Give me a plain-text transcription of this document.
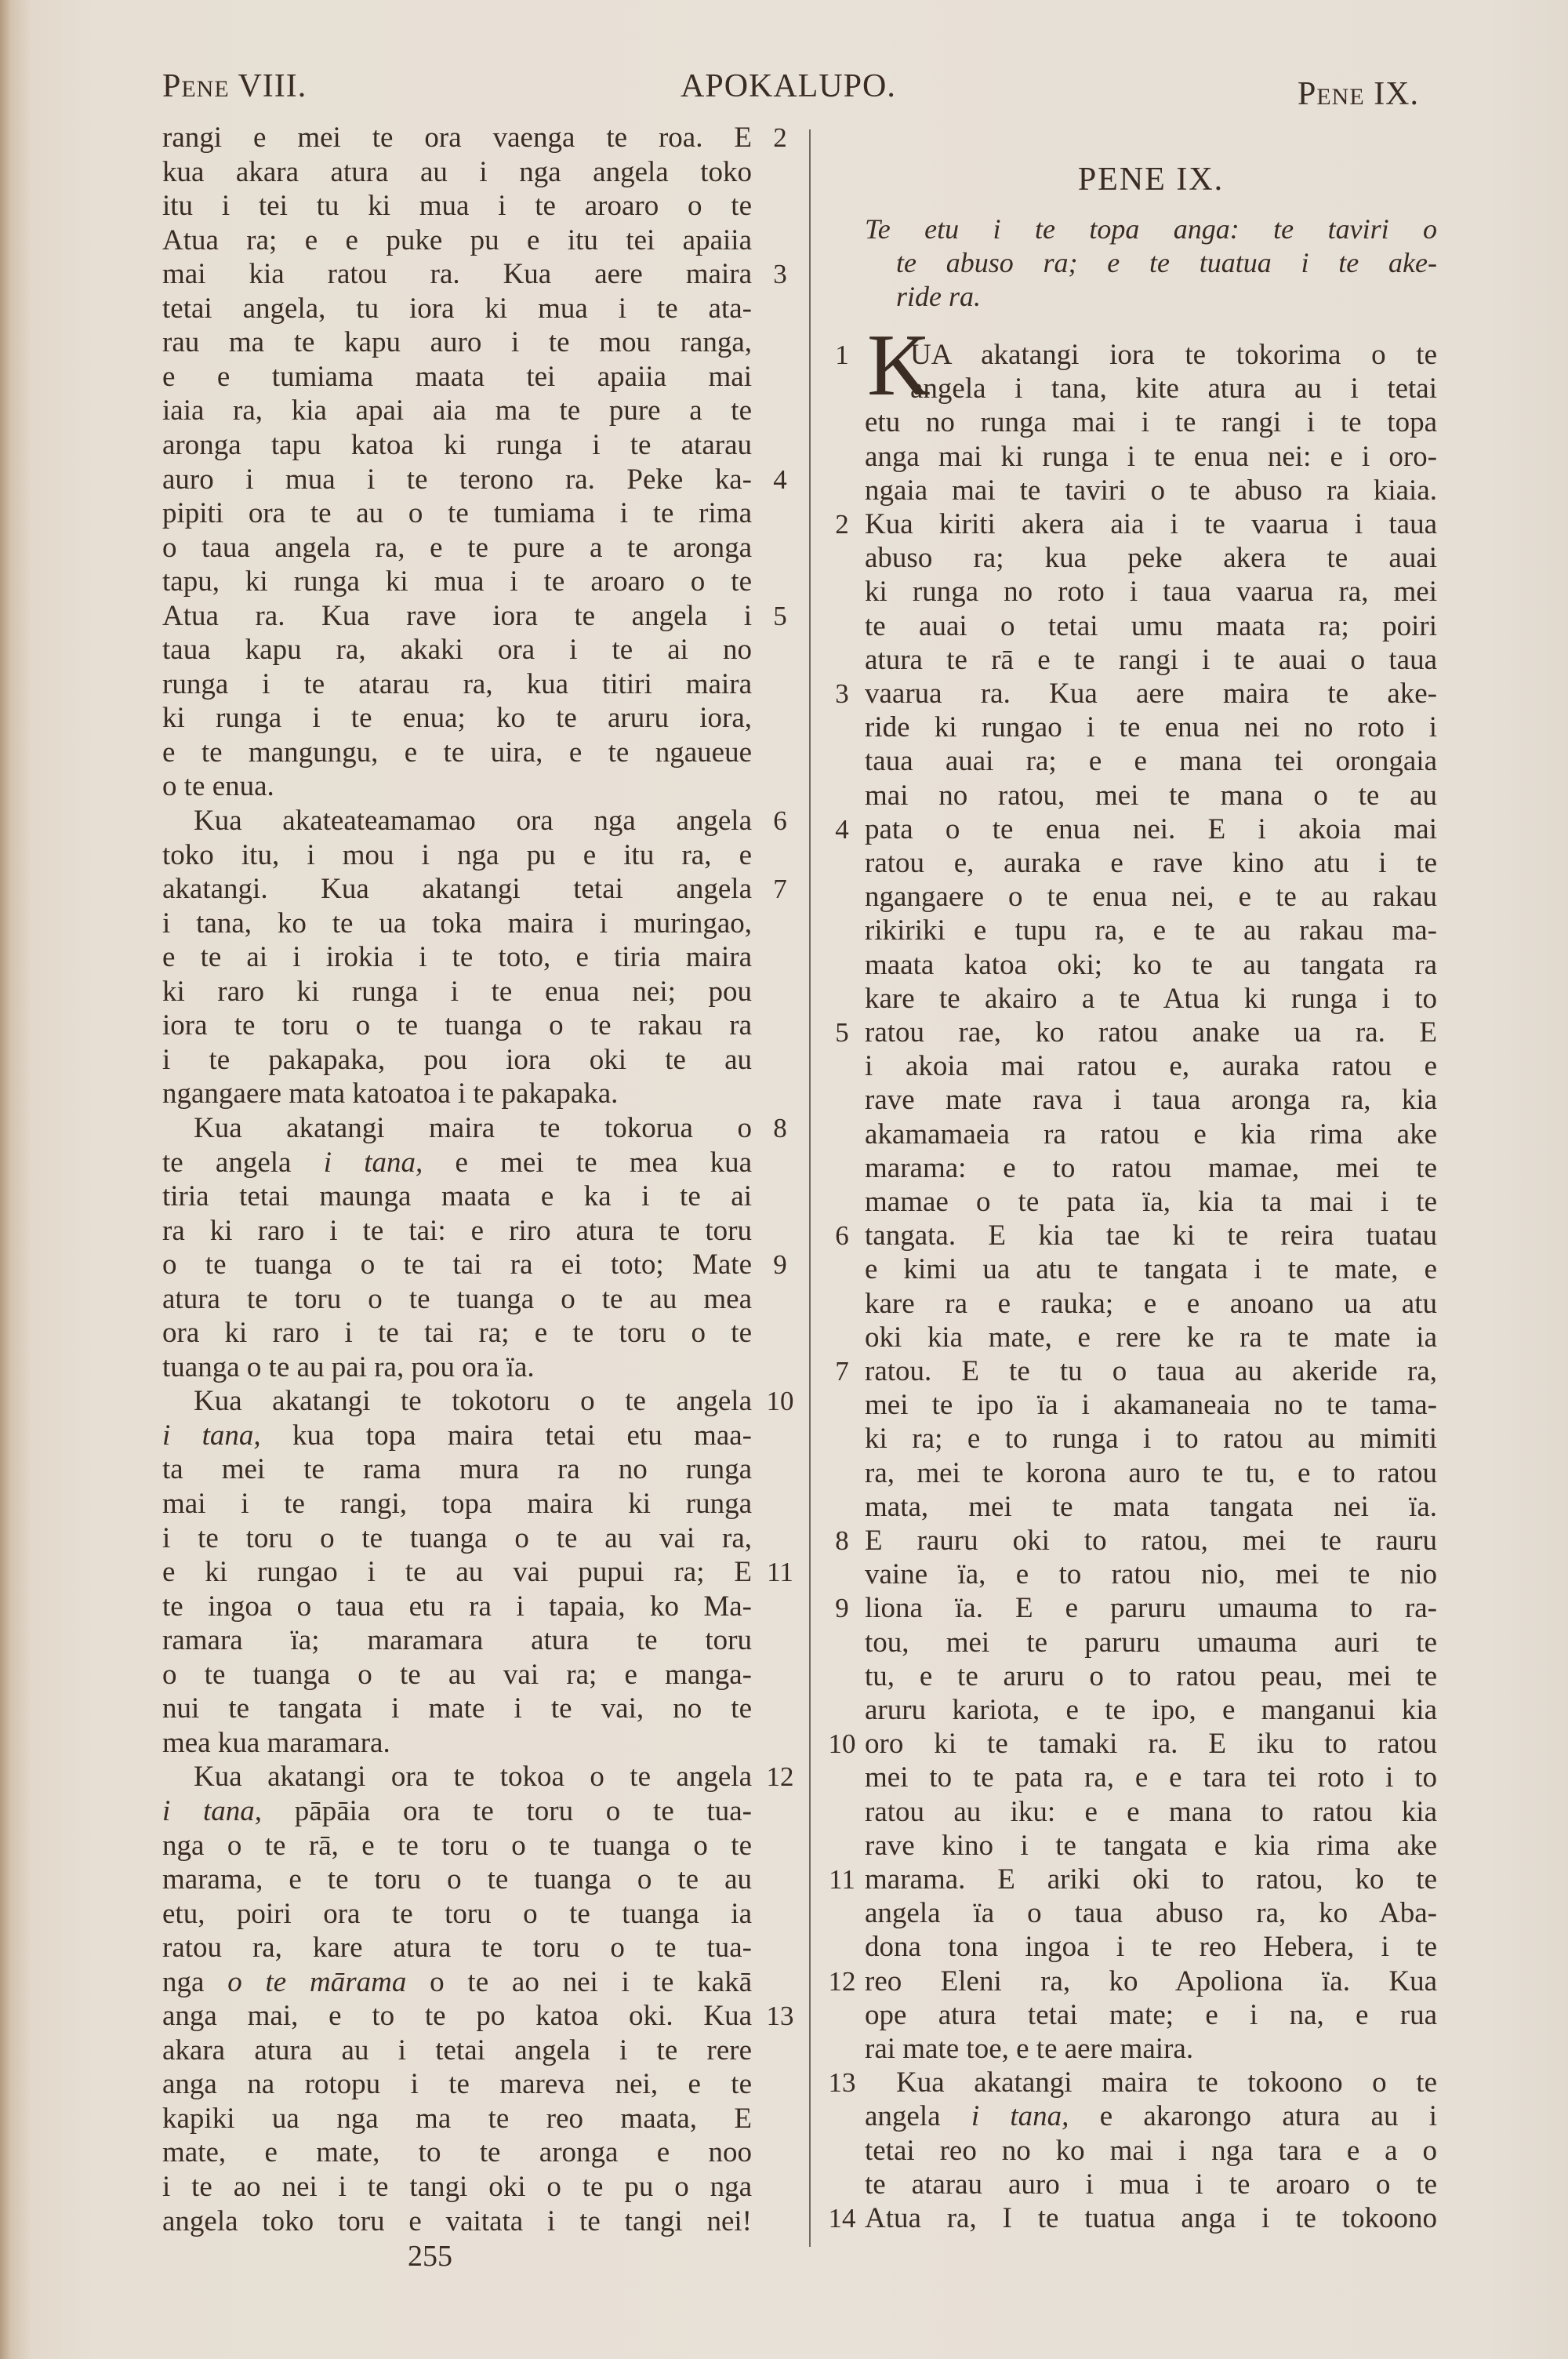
PENE VIII.	APOKALUPO.	PENE IX.
rangi e mei te ora vaenga te roa. E 2
kua akara atura au i nga angela toko
itu i tei tu ki mua i te aroaro o te
Atua ra; e e puke pu e itu tei apaiia
mai kia ratou ra. Kua aere maira 3
tetai angela, tu iora ki mua i te ata-
rau ma te kapu auro i te mou ranga,
e e tumiama maata tei apaiia mai
iaia ra, kia apai aia ma te pure a te
aronga tapu katoa ki runga i te atarau
auro i mua i te terono ra. Peke ka- 4
pipiti ora te au o te tumiama i te rima
o taua angela ra, e te pure a te aronga
tapu, ki runga ki mua i te aroaro o te
Atua ra. Kua rave iora te angela i 5
taua kapu ra, akaki ora i te ai no
runga i te atarau ra, kua titiri maira
ki runga i te enua; ko te aruru iora,
e te mangungu, e te uira, e te ngaueue
o te enua.
Kua akateateamamao ora nga angela 6
toko itu, i mou i nga pu e itu ra, e
akatangi. Kua akatangi tetai angela 7
i tana, ko te ua toka maira i muringao,
e te ai i irokia i te toto, e tiria maira
ki raro ki runga i te enua nei; pou
iora te toru o te tuanga o te rakau ra
i te pakapaka, pou iora oki te au
ngangaere mata katoatoa i te pakapaka.
Kua akatangi maira te tokorua o 8
te angela i tana, e mei te mea kua
tiria tetai maunga maata e ka i te ai
ra ki raro i te tai: e riro atura te toru
o te tuanga o te tai ra ei toto; Mate 9
atura te toru o te tuanga o te au mea
ora ki raro i te tai ra; e te toru o te
tuanga o te au pai ra, pou ora ïa.
Kua akatangi te tokotoru o te angela 10
i tana, kua topa maira tetai etu maa-
ta mei te rama mura ra no runga
mai i te rangi, topa maira ki runga
i te toru o te tuanga o te au vai ra,
e ki rungao i te au vai pupui ra; E 11
te ingoa o taua etu ra i tapaia, ko Ma-
ramara ïa; maramara atura te toru
o te tuanga o te au vai ra; e manga-
nui te tangata i mate i te vai, no te
mea kua maramara.
Kua akatangi ora te tokoa o te angela 12
i tana, pāpāia ora te toru o te tua-
nga o te rā, e te toru o te tuanga o te
marama, e te toru o te tuanga o te au
etu, poiri ora te toru o te tuanga ia
ratou ra, kare atura te toru o te tua-
nga o te mārama o te ao nei i te kakā
anga mai, e to te po katoa oki. Kua 13
akara atura au i tetai angela i te rere
anga na rotopu i te mareva nei, e te
kapiki ua nga ma te reo maata, E
mate, e mate, to te aronga e noo
i te ao nei i te tangi oki o te pu o nga
angela toko toru e vaitata i te tangi nei!
PENE IX.
Te etu i te topa anga: te taviri o
te abuso ra; e te tuatua i te ake-
ride ra.
K
UA akatangi iora te tokorima o te
1
angela i tana, kite atura au i tetai
etu no runga mai i te rangi i te topa
anga mai ki runga i te enua nei: e i oro-
ngaia mai te taviri o te abuso ra kiaia.
Kua kiriti akera aia i te vaarua i taua
2
abuso ra; kua peke akera te auai
ki runga no roto i taua vaarua ra, mei
te auai o tetai umu maata ra; poiri
atura te rā e te rangi i te auai o taua
vaarua ra. Kua aere maira te ake-
3
ride ki rungao i te enua nei no roto i
taua auai ra; e e mana tei orongaia
mai no ratou, mei te mana o te au
pata o te enua nei. E i akoia mai
4
ratou e, auraka e rave kino atu i te
ngangaere o te enua nei, e te au rakau
rikiriki e tupu ra, e te au rakau ma-
maata katoa oki; ko te au tangata ra
kare te akairo a te Atua ki runga i to
ratou rae, ko ratou anake ua ra. E
5
i akoia mai ratou e, auraka ratou e
rave mate rava i taua aronga ra, kia
akamamaeia ra ratou e kia rima ake
marama: e to ratou mamae, mei te
mamae o te pata ïa, kia ta mai i te
tangata. E kia tae ki te reira tuatau
6
e kimi ua atu te tangata i te mate, e
kare ra e rauka; e e anoano ua atu
oki kia mate, e rere ke ra te mate ia
ratou. E te tu o taua au akeride ra,
7
mei te ipo ïa i akamaneaia no te tama-
ki ra; e to runga i to ratou au mimiti
ra, mei te korona auro te tu, e to ratou
mata, mei te mata tangata nei ïa.
E rauru oki to ratou, mei te rauru
8
vaine ïa, e to ratou nio, mei te nio
liona ïa. E e paruru umauma to ra-
9
tou, mei te paruru umauma auri te
tu, e te aruru o to ratou peau, mei te
aruru kariota, e te ipo, e manganui kia
oro ki te tamaki ra. E iku to ratou
10
mei to te pata ra, e e tara tei roto i to
ratou au iku: e e mana to ratou kia
rave kino i te tangata e kia rima ake
marama. E ariki oki to ratou, ko te
11
angela ïa o taua abuso ra, ko Aba-
dona tona ingoa i te reo Hebera, i te
reo Eleni ra, ko Apoliona ïa. Kua
12
ope atura tetai mate; e i na, e rua
rai mate toe, e te aere maira.
Kua akatangi maira te tokoono o te
13
angela i tana, e akarongo atura au i
tetai reo no ko mai i nga tara e a o
te atarau auro i mua i te aroaro o te
Atua ra, I te tuatua anga i te tokoono
14
255
